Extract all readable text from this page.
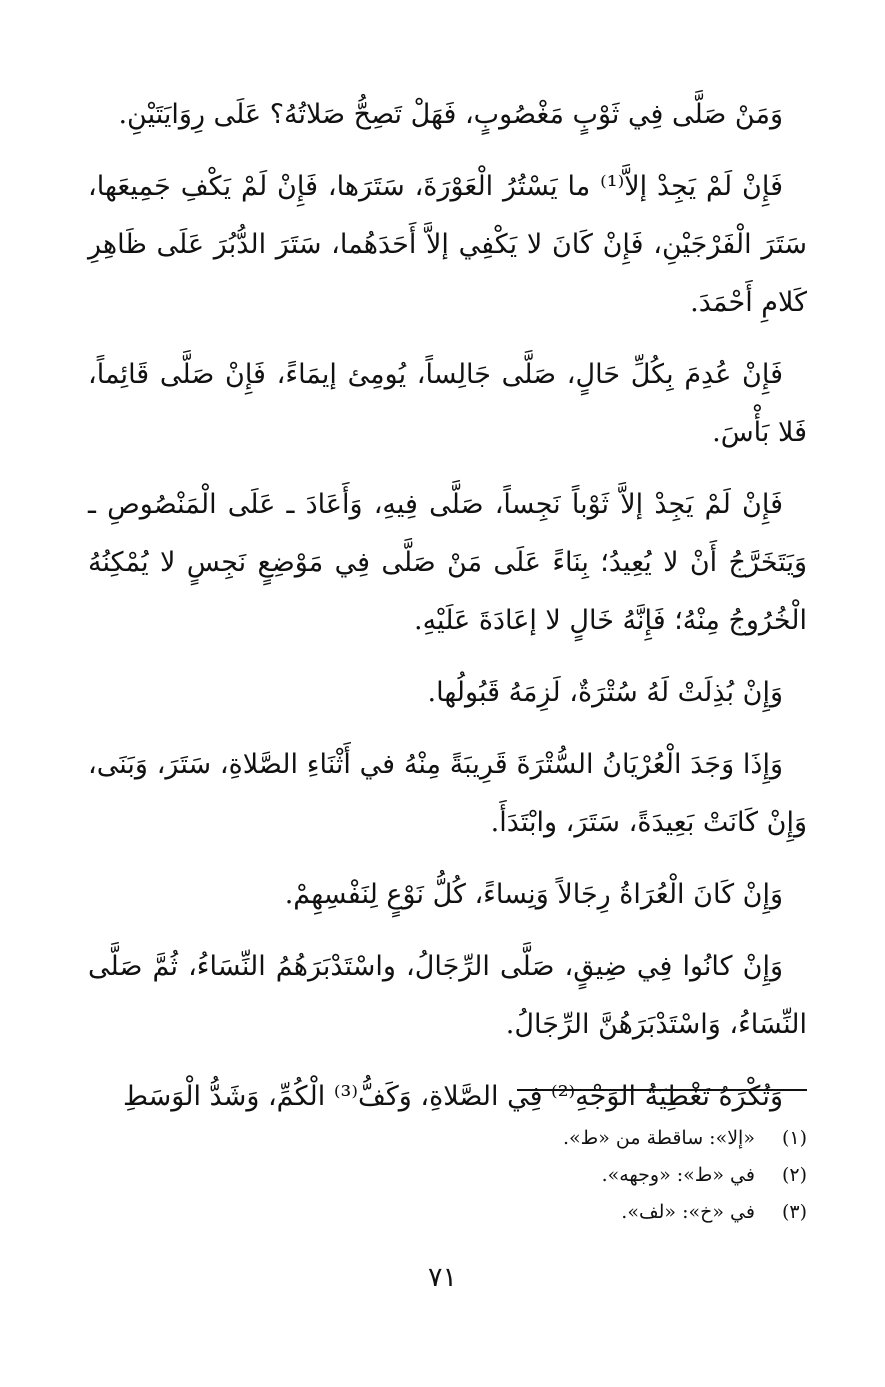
وَمَنْ صَلَّى فِي ثَوْبٍ مَغْصُوبٍ، فَهَلْ تَصِحُّ صَلاتُهُ؟ عَلَى رِوَايَتَيْنِ.

فَإِنْ لَمْ يَجِدْ إلاَّ⁽¹⁾ ما يَسْتُرُ الْعَوْرَةَ، سَتَرَها، فَإِنْ لَمْ يَكْفِ جَمِيعَها، سَتَرَ الْفَرْجَيْنِ، فَإِنْ كَانَ لا يَكْفِي إلاَّ أَحَدَهُما، سَتَرَ الدُّبُرَ عَلَى ظَاهِرِ كَلامِ أَحْمَدَ.

فَإِنْ عُدِمَ بِكُلِّ حَالٍ، صَلَّى جَالِساً، يُومِئ إيمَاءً، فَإِنْ صَلَّى قَائِماً، فَلا بَأْسَ.

فَإِنْ لَمْ يَجِدْ إلاَّ ثَوْباً نَجِساً، صَلَّى فِيهِ، وَأَعَادَ ـ عَلَى الْمَنْصُوصِ ـ وَيَتَخَرَّجُ أَنْ لا يُعِيدُ؛ بِنَاءً عَلَى مَنْ صَلَّى فِي مَوْضِعٍ نَجِسٍ لا يُمْكِنُهُ الْخُرُوجُ مِنْهُ؛ فَإِنَّهُ خَالٍ لا إعَادَةَ عَلَيْهِ.

وَإِنْ بُذِلَتْ لَهُ سُتْرَةٌ، لَزِمَهُ قَبُولُها.

وَإِذَا وَجَدَ الْعُرْيَانُ السُّتْرَةَ قَرِيبَةً مِنْهُ في أَثْنَاءِ الصَّلاةِ، سَتَرَ، وَبَنَى، وَإِنْ كَانَتْ بَعِيدَةً، سَتَرَ، وابْتَدَأَ.

وَإِنْ كَانَ الْعُرَاةُ رِجَالاً وَنِساءً، كُلُّ نَوْعٍ لِنَفْسِهِمْ.

وَإِنْ كانُوا فِي ضِيقٍ، صَلَّى الرِّجَالُ، واسْتَدْبَرَهُمُ النِّسَاءُ، ثُمَّ صَلَّى النِّسَاءُ، وَاسْتَدْبَرَهُنَّ الرِّجَالُ.

وَتُكْرَهُ تَغْطِيَةُ الوَجْهِ⁽²⁾ فِي الصَّلاةِ، وَكَفُّ⁽³⁾ الْكُمِّ، وَشَدُّ الْوَسَطِ

(١) «إلا»: ساقطة من «ط».

(٢) في «ط»: «وجهه».

(٣) في «خ»: «لف».

٧١
